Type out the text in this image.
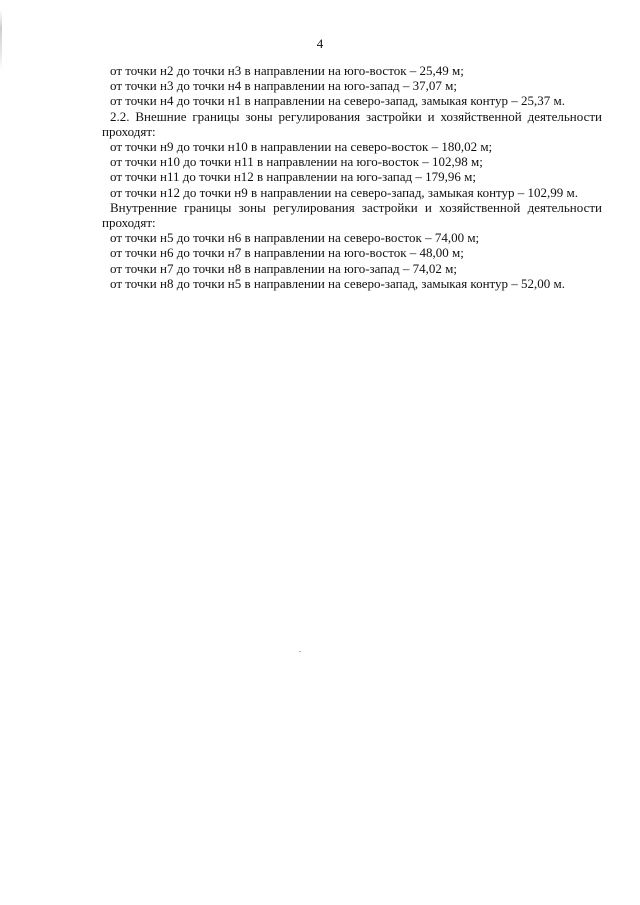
4

от точки н2 до точки н3 в направлении на юго-восток – 25,49 м;

от точки н3 до точки н4 в направлении на юго-запад – 37,07 м;

от точки н4 до точки н1 в направлении на северо-запад, замыкая контур – 25,37 м.

2.2. Внешние границы зоны регулирования застройки и хозяйственной деятельности проходят:

от точки н9 до точки н10 в направлении на северо-восток – 180,02 м;

от точки н10 до точки н11 в направлении на юго-восток – 102,98 м;

от точки н11 до точки н12 в направлении на юго-запад – 179,96 м;

от точки н12 до точки н9 в направлении на северо-запад, замыкая контур – 102,99 м.

Внутренние границы зоны регулирования застройки и хозяйственной деятельности проходят:

от точки н5 до точки н6 в направлении на северо-восток – 74,00 м;

от точки н6 до точки н7 в направлении на юго-восток – 48,00 м;

от точки н7 до точки н8 в направлении на юго-запад – 74,02 м;

от точки н8 до точки н5 в направлении на северо-запад, замыкая контур – 52,00 м.
